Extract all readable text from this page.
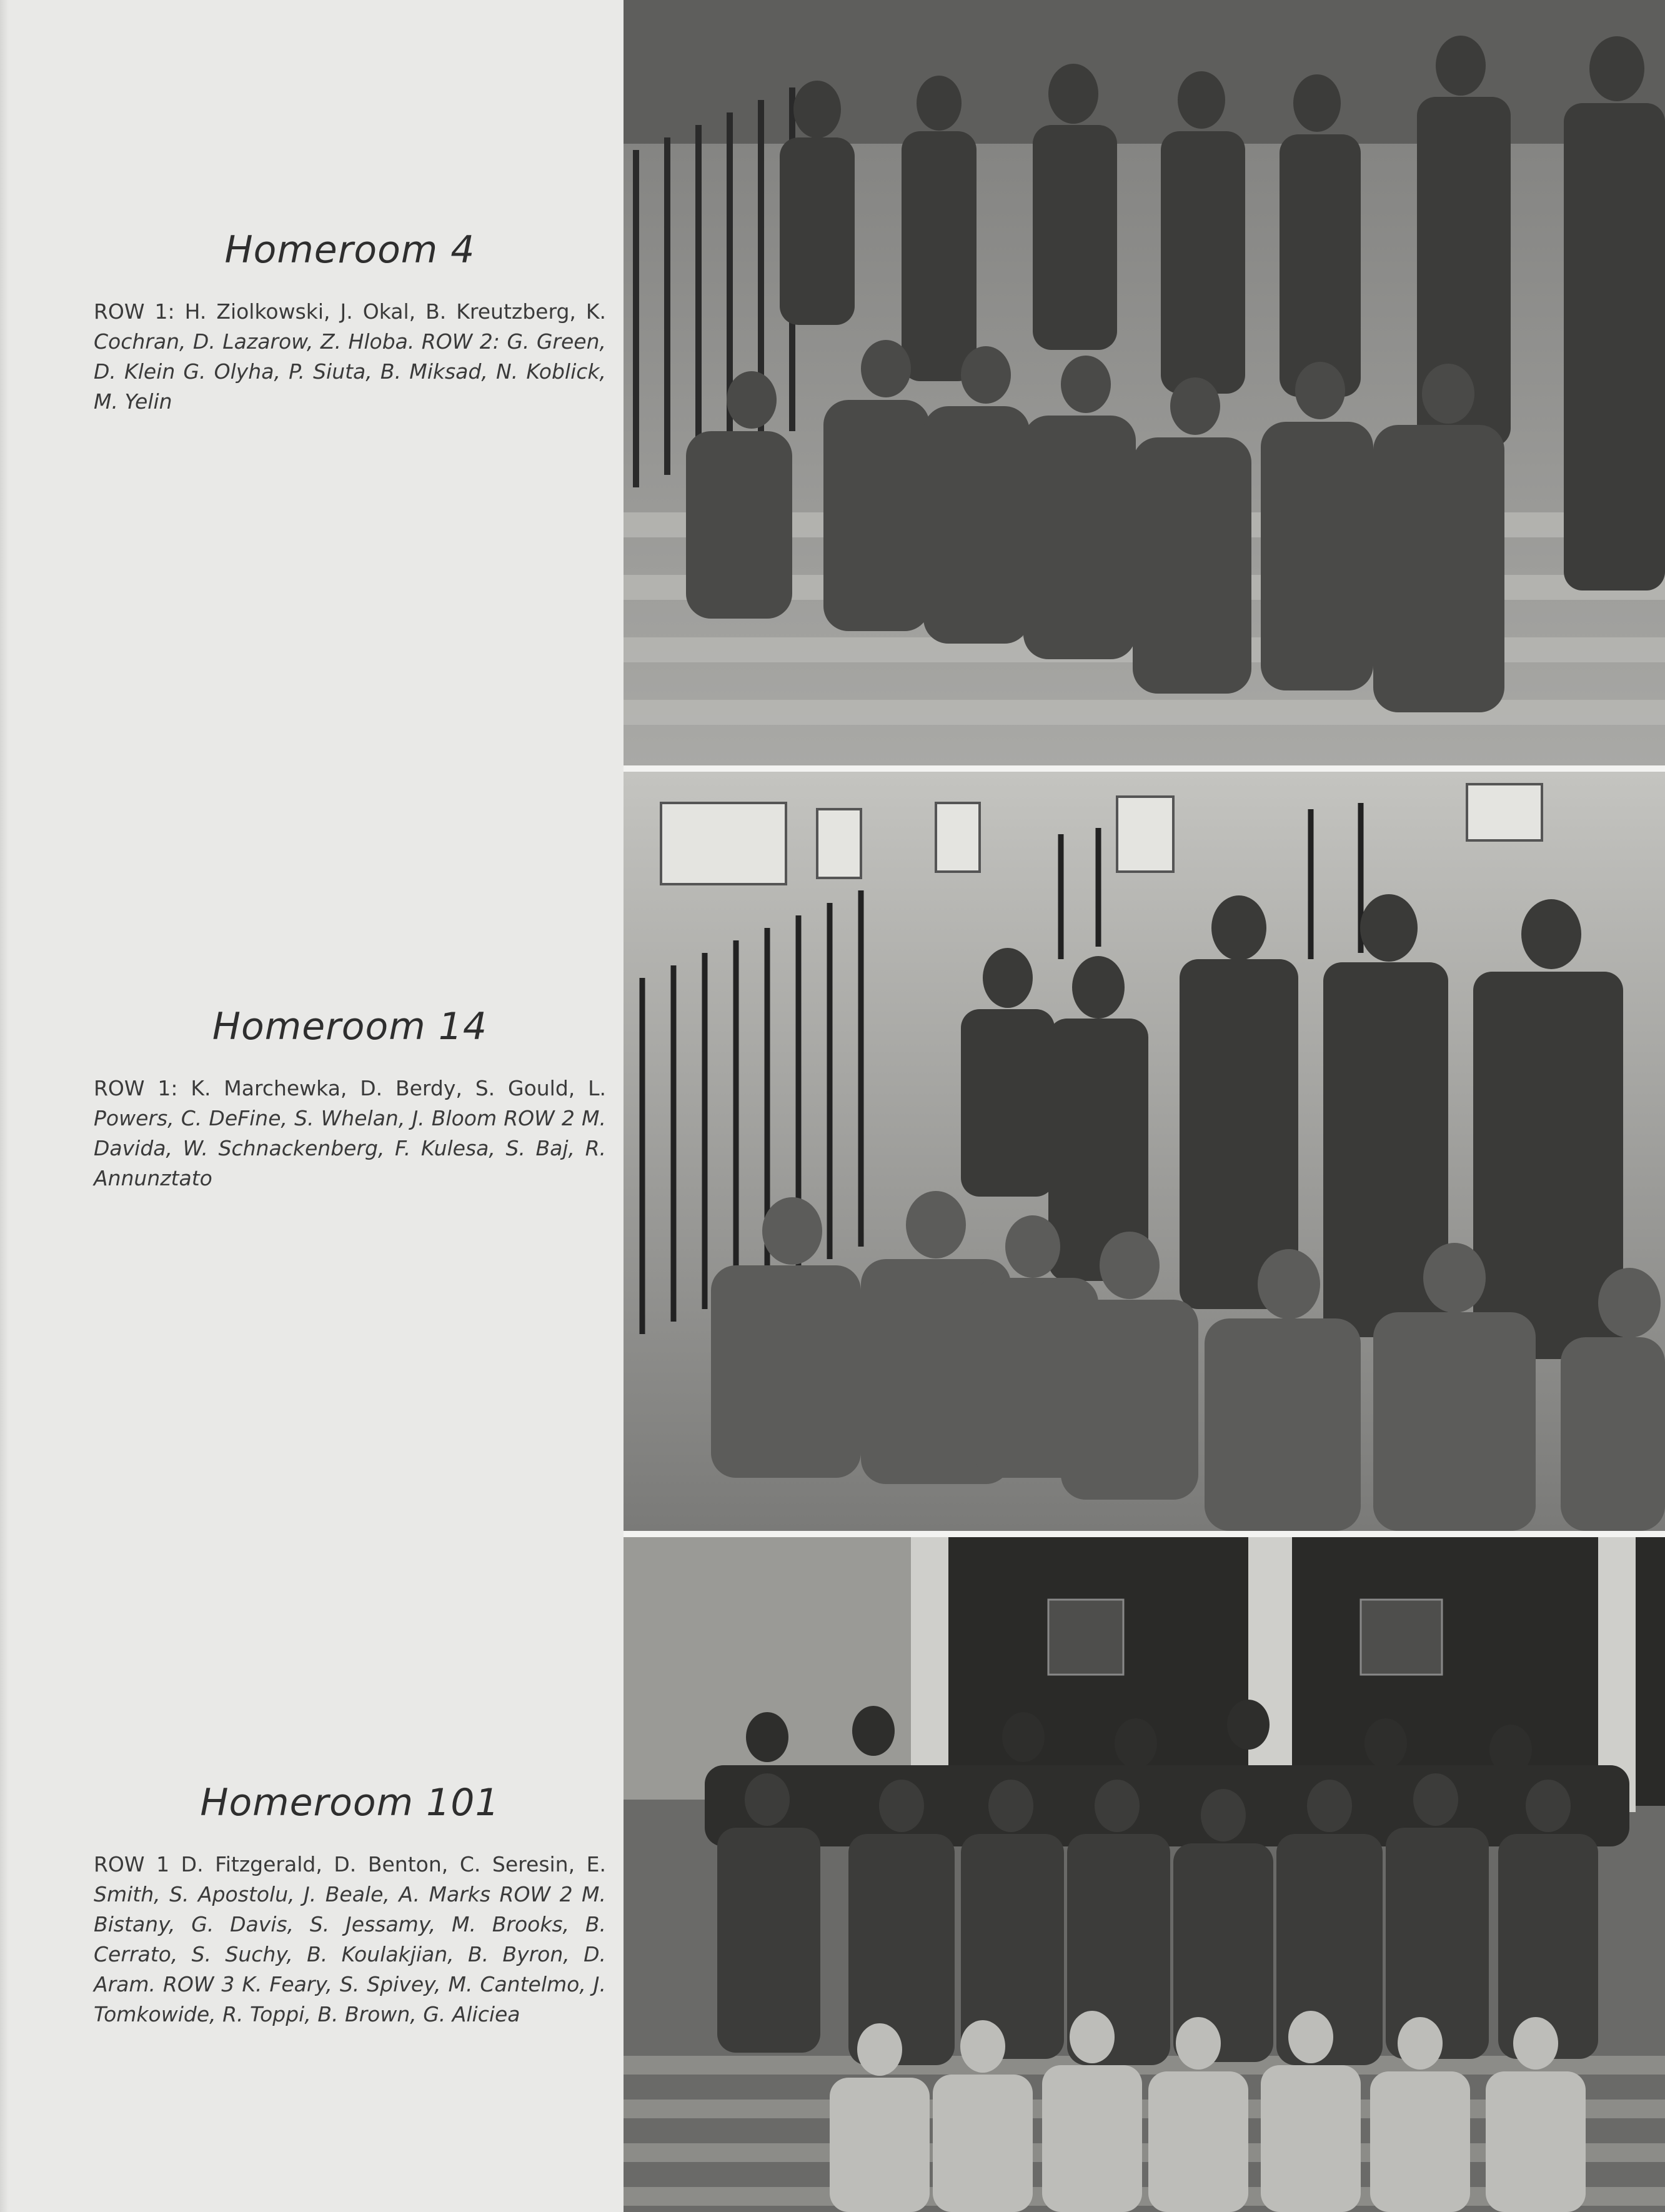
Homeroom 4

ROW 1: H. Ziolkowski, J. Okal, B. Kreutzberg, K. Cochran, D. Lazarow, Z. Hloba. ROW 2: G. Green, D. Klein G. Olyha, P. Siuta, B. Miksad, N. Koblick, M. Yelin

Homeroom 14

ROW 1: K. Marchewka, D. Berdy, S. Gould, L. Powers, C. DeFine, S. Whelan, J. Bloom ROW 2 M. Davida, W. Schnackenberg, F. Kulesa, S. Baj, R. Annunztato

Homeroom 101

ROW 1 D. Fitzgerald, D. Benton, C. Seresin, E. Smith, S. Apostolu, J. Beale, A. Marks ROW 2 M. Bistany, G. Davis, S. Jessamy, M. Brooks, B. Cerrato, S. Suchy, B. Koulakjian, B. Byron, D. Aram. ROW 3 K. Feary, S. Spivey, M. Cantelmo, J. Tomkowide, R. Toppi, B. Brown, G. Aliciea
